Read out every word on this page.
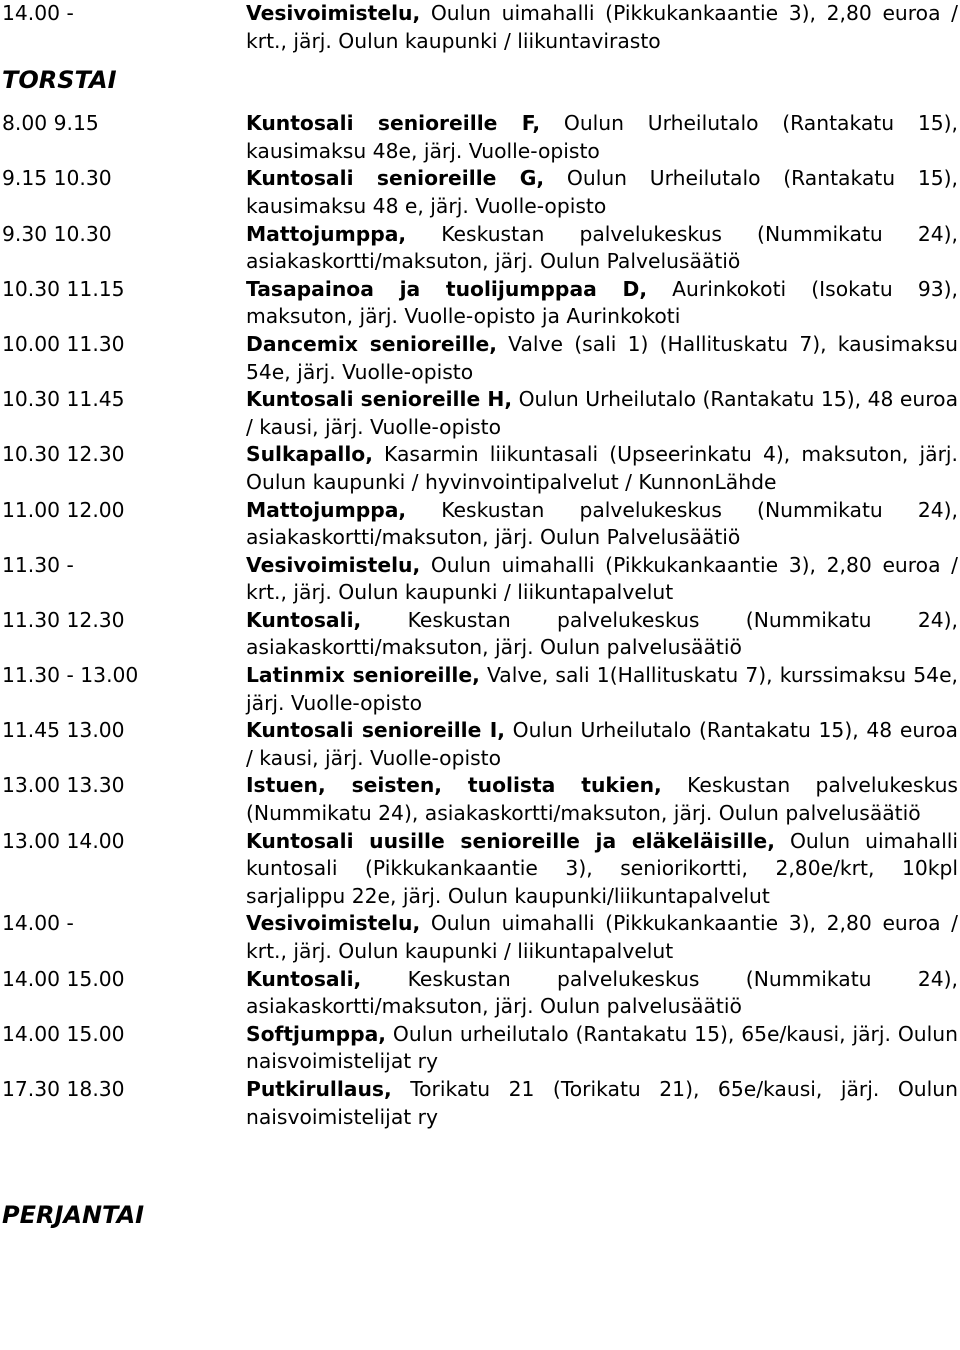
14.00 -	Vesivoimistelu, Oulun uimahalli (Pikkukankaantie 3), 2,80 euroa / krt., järj. Oulun kaupunki / liikuntavirasto
TORSTAI
8.00 9.15	Kuntosali senioreille F, Oulun Urheilutalo (Rantakatu 15), kausimaksu 48e, järj. Vuolle-opisto
9.15 10.30	Kuntosali senioreille G, Oulun Urheilutalo (Rantakatu 15), kausimaksu 48 e, järj. Vuolle-opisto
9.30 10.30	Mattojumppa, Keskustan palvelukeskus (Nummikatu 24), asiakaskortti/maksuton, järj. Oulun Palvelusäätiö
10.30 11.15	Tasapainoa ja tuolijumppaa D, Aurinkokoti (Isokatu 93), maksuton, järj. Vuolle-opisto ja Aurinkokoti
10.00 11.30	Dancemix senioreille, Valve (sali 1) (Hallituskatu 7), kausimaksu 54e, järj. Vuolle-opisto
10.30 11.45	Kuntosali senioreille H, Oulun Urheilutalo (Rantakatu 15), 48 euroa / kausi, järj. Vuolle-opisto
10.30 12.30	Sulkapallo, Kasarmin liikuntasali (Upseerinkatu 4), maksuton, järj. Oulun kaupunki / hyvinvointipalvelut / KunnonLähde
11.00 12.00	Mattojumppa, Keskustan palvelukeskus (Nummikatu 24), asiakaskortti/maksuton, järj. Oulun Palvelusäätiö
11.30 -	Vesivoimistelu, Oulun uimahalli (Pikkukankaantie 3), 2,80 euroa / krt., järj. Oulun kaupunki / liikuntapalvelut
11.30 12.30	Kuntosali, Keskustan palvelukeskus (Nummikatu 24), asiakaskortti/maksuton, järj. Oulun palvelusäätiö
11.30 - 13.00	Latinmix senioreille, Valve, sali 1(Hallituskatu 7), kurssimaksu 54e, järj. Vuolle-opisto
11.45 13.00	Kuntosali senioreille I, Oulun Urheilutalo (Rantakatu 15), 48 euroa / kausi, järj. Vuolle-opisto
13.00 13.30	Istuen, seisten, tuolista tukien, Keskustan palvelukeskus (Nummikatu 24), asiakaskortti/maksuton, järj. Oulun palvelusäätiö
13.00 14.00	Kuntosali uusille senioreille ja eläkeläisille, Oulun uimahalli kuntosali (Pikkukankaantie 3), seniorikortti, 2,80e/krt, 10kpl sarjalippu 22e, järj. Oulun kaupunki/liikuntapalvelut
14.00 -	Vesivoimistelu, Oulun uimahalli (Pikkukankaantie 3), 2,80 euroa / krt., järj. Oulun kaupunki / liikuntapalvelut
14.00 15.00	Kuntosali, Keskustan palvelukeskus (Nummikatu 24), asiakaskortti/maksuton, järj. Oulun palvelusäätiö
14.00 15.00	Softjumppa, Oulun urheilutalo (Rantakatu 15), 65e/kausi, järj. Oulun naisvoimistelijat ry
17.30 18.30	Putkirullaus, Torikatu 21 (Torikatu 21), 65e/kausi, järj. Oulun naisvoimistelijat ry
PERJANTAI
